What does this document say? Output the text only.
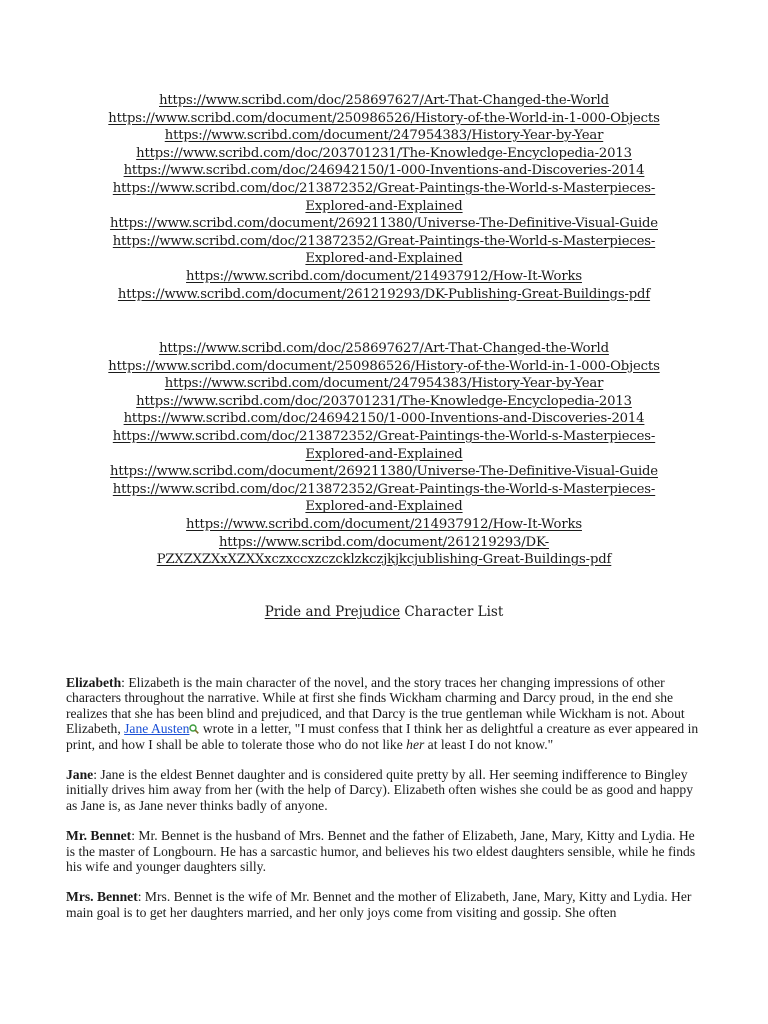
https://www.scribd.com/doc/258697627/Art-That-Changed-the-World
https://www.scribd.com/document/250986526/History-of-the-World-in-1-000-Objects
https://www.scribd.com/document/247954383/History-Year-by-Year
https://www.scribd.com/doc/203701231/The-Knowledge-Encyclopedia-2013
https://www.scribd.com/doc/246942150/1-000-Inventions-and-Discoveries-2014
https://www.scribd.com/doc/213872352/Great-Paintings-the-World-s-Masterpieces-
Explored-and-Explained
https://www.scribd.com/document/269211380/Universe-The-Definitive-Visual-Guide
https://www.scribd.com/doc/213872352/Great-Paintings-the-World-s-Masterpieces-
Explored-and-Explained
https://www.scribd.com/document/214937912/How-It-Works
https://www.scribd.com/document/261219293/DK-Publishing-Great-Buildings-pdf
https://www.scribd.com/doc/258697627/Art-That-Changed-the-World
https://www.scribd.com/document/250986526/History-of-the-World-in-1-000-Objects
https://www.scribd.com/document/247954383/History-Year-by-Year
https://www.scribd.com/doc/203701231/The-Knowledge-Encyclopedia-2013
https://www.scribd.com/doc/246942150/1-000-Inventions-and-Discoveries-2014
https://www.scribd.com/doc/213872352/Great-Paintings-the-World-s-Masterpieces-
Explored-and-Explained
https://www.scribd.com/document/269211380/Universe-The-Definitive-Visual-Guide
https://www.scribd.com/doc/213872352/Great-Paintings-the-World-s-Masterpieces-
Explored-and-Explained
https://www.scribd.com/document/214937912/How-It-Works
https://www.scribd.com/document/261219293/DK-
PZXZXZXxXZXXxczxccxzczcklzkczjkjkcjublishing-Great-Buildings-pdf
Pride and Prejudice Character List

Elizabeth: Elizabeth is the main character of the novel, and the story traces her changing impressions of other characters throughout the narrative. While at first she finds Wickham charming and Darcy proud, in the end she realizes that she has been blind and prejudiced, and that Darcy is the true gentleman while Wickham is not. About Elizabeth, Jane Austen wrote in a letter, "I must confess that I think her as delightful a creature as ever appeared in print, and how I shall be able to tolerate those who do not like her at least I do not know."

Jane: Jane is the eldest Bennet daughter and is considered quite pretty by all. Her seeming indifference to Bingley initially drives him away from her (with the help of Darcy). Elizabeth often wishes she could be as good and happy as Jane is, as Jane never thinks badly of anyone.

Mr. Bennet: Mr. Bennet is the husband of Mrs. Bennet and the father of Elizabeth, Jane, Mary, Kitty and Lydia. He is the master of Longbourn. He has a sarcastic humor, and believes his two eldest daughters sensible, while he finds his wife and younger daughters silly.

Mrs. Bennet: Mrs. Bennet is the wife of Mr. Bennet and the mother of Elizabeth, Jane, Mary, Kitty and Lydia. Her main goal is to get her daughters married, and her only joys come from visiting and gossip. She often
